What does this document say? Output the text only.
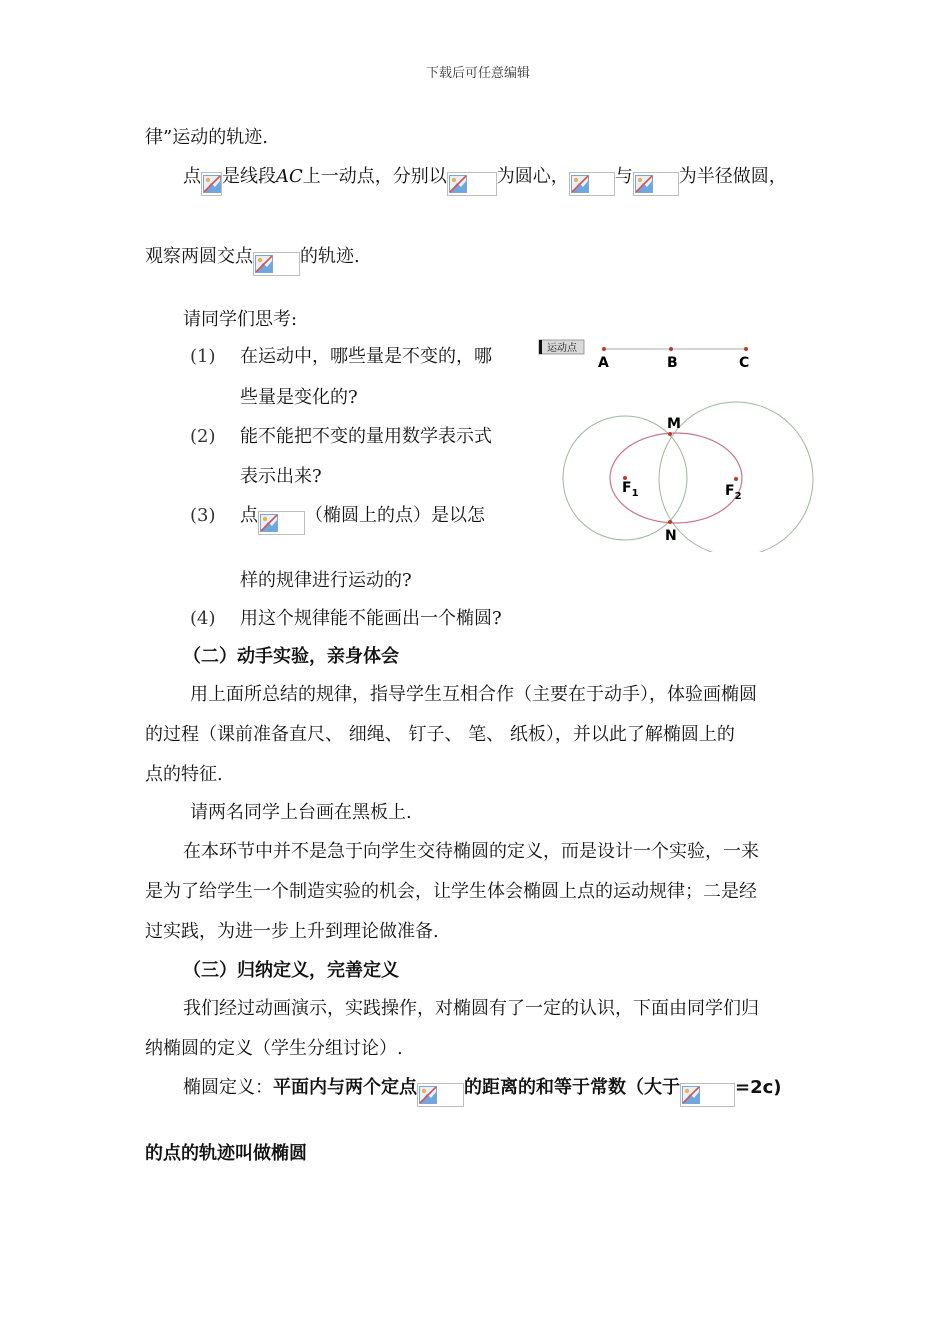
下载后可任意编辑
律”运动的轨迹.
点 是线段AC上一动点，分别以	为圆心，	与	为半径做圆，
观察两圆交点	的轨迹.
请同学们思考:
(1) 在运动中，哪些量是不变的，哪
些量是变化的?
(2) 能不能把不变的量用数学表示式
表示出来?
(3) 点	（椭圆上的点）是以怎
样的规律进行运动的?
(4) 用这个规律能不能画出一个椭圆?
运动点
A	B	C
M
N
$F_1$	$F_2$
（二）动手实验，亲身体会
用上面所总结的规律，指导学生互相合作（主要在于动手），体验画椭圆
的过程（课前准备直尺、 细绳、 钉子、 笔、 纸板），并以此了解椭圆上的
点的特征.
请两名同学上台画在黑板上.
在本环节中并不是急于向学生交待椭圆的定义，而是设计一个实验，一来
是为了给学生一个制造实验的机会，让学生体会椭圆上点的运动规律；二是经
过实践，为进一步上升到理论做准备.
（三）归纳定义，完善定义
我们经过动画演示，实践操作，对椭圆有了一定的认识，下面由同学们归
纳椭圆的定义（学生分组讨论）.
椭圆定义：平面内与两个定点	的距离的和等于常数（大于	=2c)
的点的轨迹叫做椭圆
